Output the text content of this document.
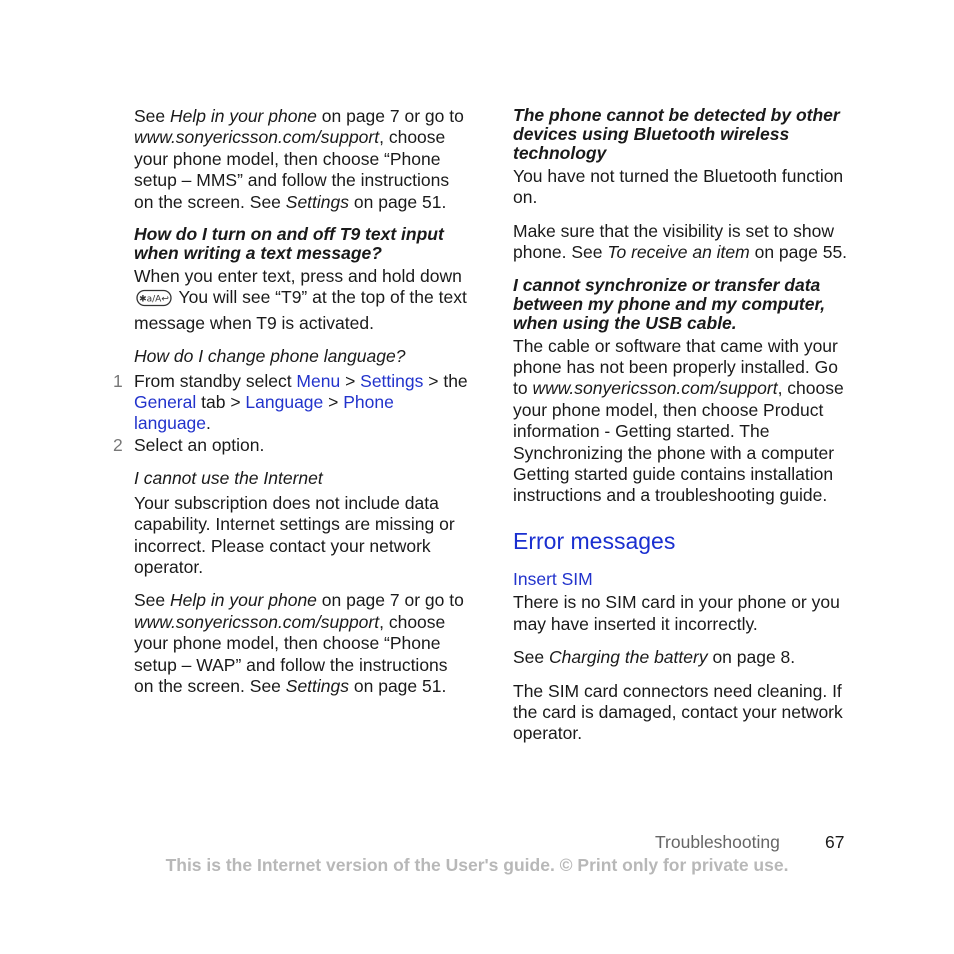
See Help in your phone on page 7 or go to www.sonyericsson.com/support, choose your phone model, then choose “Phone setup – MMS” and follow the instructions on the screen. See Settings on page 51.

How do I turn on and off T9 text input when writing a text message?

When you enter text, press and hold down
✱a/A↩ You will see “T9” at the top of the text message when T9 is activated.

How do I change phone language?
1 From standby select Menu > Settings > the General tab > Language > Phone language.
2 Select an option.
I cannot use the Internet

Your subscription does not include data capability. Internet settings are missing or incorrect. Please contact your network operator.

See Help in your phone on page 7 or go to www.sonyericsson.com/support, choose your phone model, then choose “Phone setup – WAP” and follow the instructions on the screen. See Settings on page 51.

The phone cannot be detected by other devices using Bluetooth wireless technology

You have not turned the Bluetooth function on.

Make sure that the visibility is set to show phone. See To receive an item on page 55.

I cannot synchronize or transfer data between my phone and my computer, when using the USB cable.

The cable or software that came with your phone has not been properly installed. Go to www.sonyericsson.com/support, choose your phone model, then choose Product information - Getting started. The Synchronizing the phone with a computer Getting started guide contains installation instructions and a troubleshooting guide.

Error messages
Insert SIM

There is no SIM card in your phone or you may have inserted it incorrectly.

See Charging the battery on page 8.

The SIM card connectors need cleaning. If the card is damaged, contact your network operator.

Troubleshooting	67
This is the Internet version of the User's guide. © Print only for private use.
